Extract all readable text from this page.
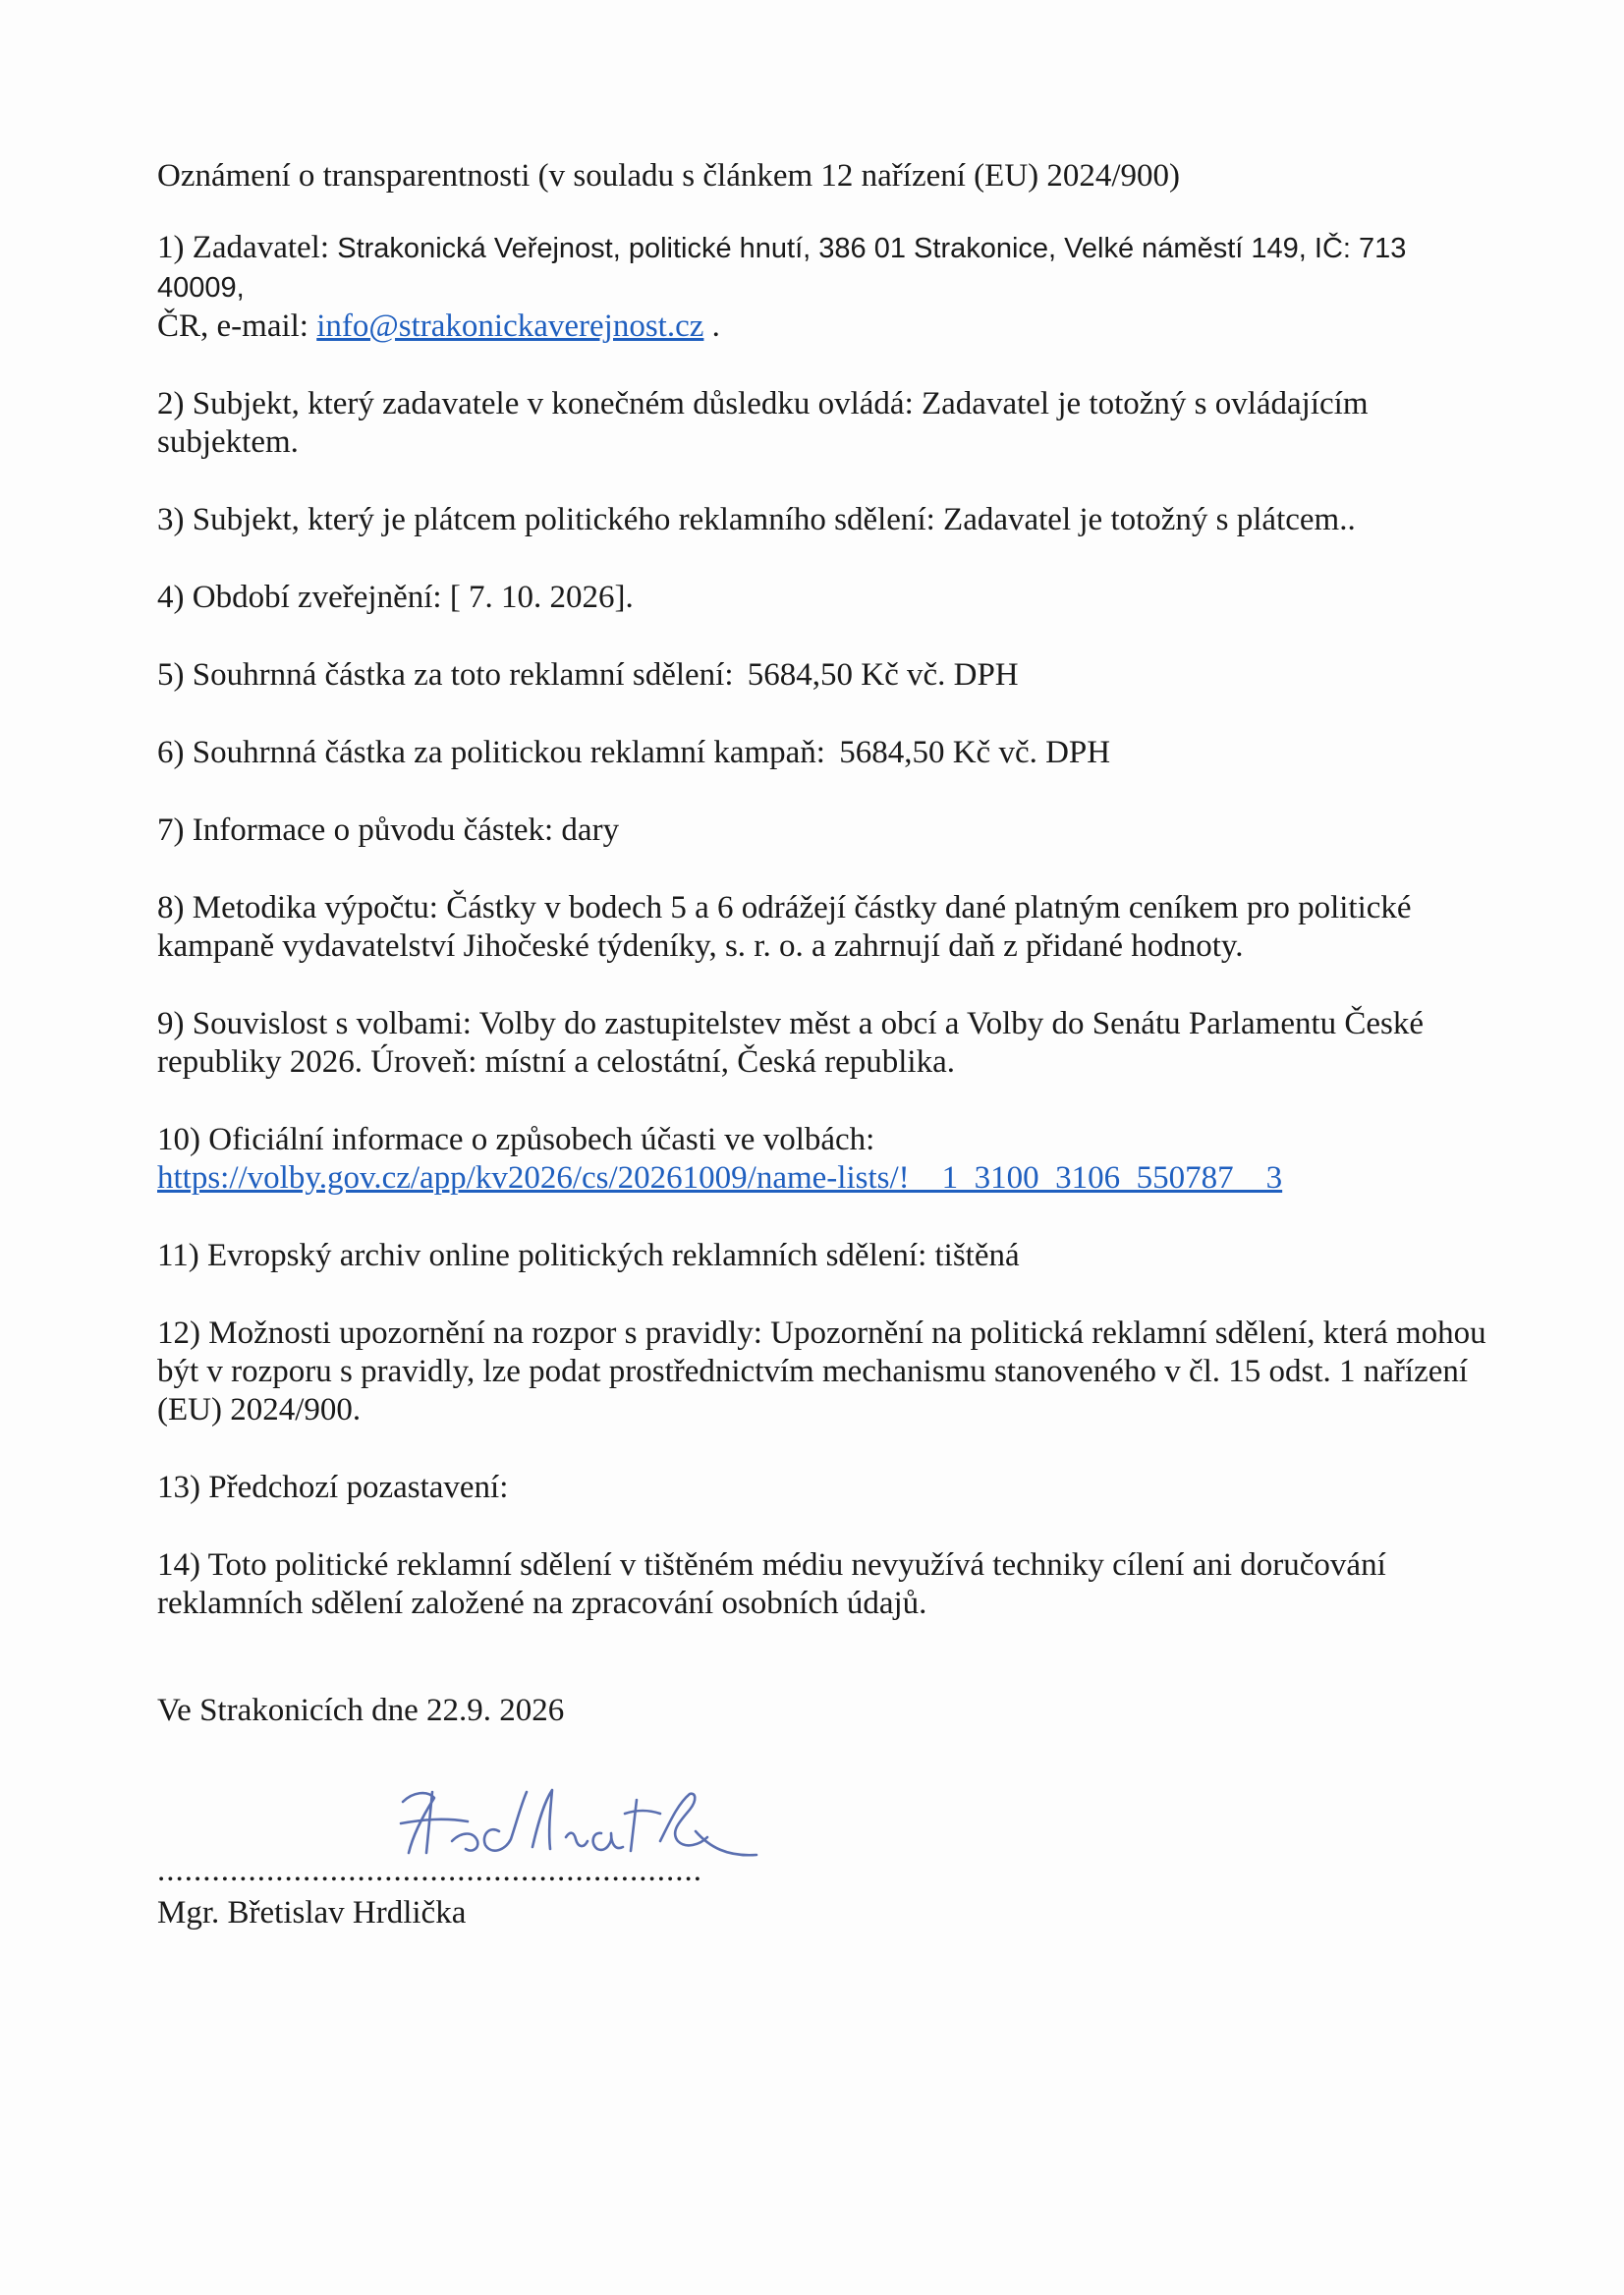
Oznámení o transparentnosti (v souladu s článkem 12 nařízení (EU) 2024/900)

1) Zadavatel: Strakonická Veřejnost, politické hnutí, 386 01 Strakonice, Velké náměstí 149, IČ: 713 40009,
ČR, e-mail: info@strakonickaverejnost.cz .

2) Subjekt, který zadavatele v konečném důsledku ovládá: Zadavatel je totožný s ovládajícím subjektem.

3) Subjekt, který je plátcem politického reklamního sdělení: Zadavatel je totožný s plátcem..

4) Období zveřejnění: [ 7. 10. 2026].

5) Souhrnná částka za toto reklamní sdělení: 5684,50 Kč vč. DPH

6) Souhrnná částka za politickou reklamní kampaň: 5684,50 Kč vč. DPH

7) Informace o původu částek: dary

8) Metodika výpočtu: Částky v bodech 5 a 6 odrážejí částky dané platným ceníkem pro politické kampaně vydavatelství Jihočeské týdeníky, s. r. o. a zahrnují daň z přidané hodnoty.

9) Souvislost s volbami: Volby do zastupitelstev měst a obcí a Volby do Senátu Parlamentu České republiky 2026. Úroveň: místní a celostátní, Česká republika.

10) Oficiální informace o způsobech účasti ve volbách:
https://volby.gov.cz/app/kv2026/cs/20261009/name-lists/!__1_3100_3106_550787__3

11) Evropský archiv online politických reklamních sdělení: tištěná

12) Možnosti upozornění na rozpor s pravidly: Upozornění na politická reklamní sdělení, která mohou být v rozporu s pravidly, lze podat prostřednictvím mechanismu stanoveného v čl. 15 odst. 1 nařízení (EU) 2024/900.

13) Předchozí pozastavení:

14) Toto politické reklamní sdělení v tištěném médiu nevyužívá techniky cílení ani doručování reklamních sdělení založené na zpracování osobních údajů.

Ve Strakonicích dne 22.9. 2026

............................................................

Mgr. Břetislav Hrdlička
